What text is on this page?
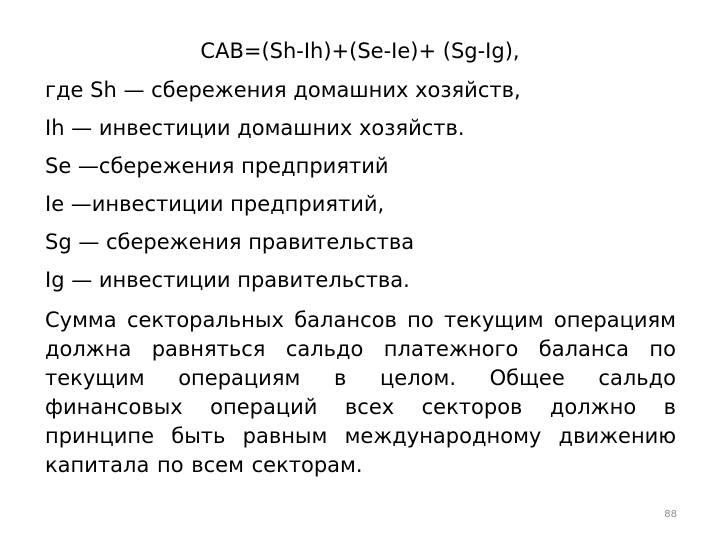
CAB=(Sh-Ih)+(Se-Ie)+ (Sg-Ig),
где Sh — сбережения домашних хозяйств,
Ih — инвестиции домашних хозяйств.
Se —сбережения предприятий
Ie —инвестиции предприятий,
Sg — сбережения правительства
Ig — инвестиции правительства.

Сумма секторальных балансов по текущим операциям должна равняться сальдо платежного баланса по текущим операциям в целом. Общее сальдо финансовых операций всех секторов должно в принципе быть равным международному движению капитала по всем секторам.

88
